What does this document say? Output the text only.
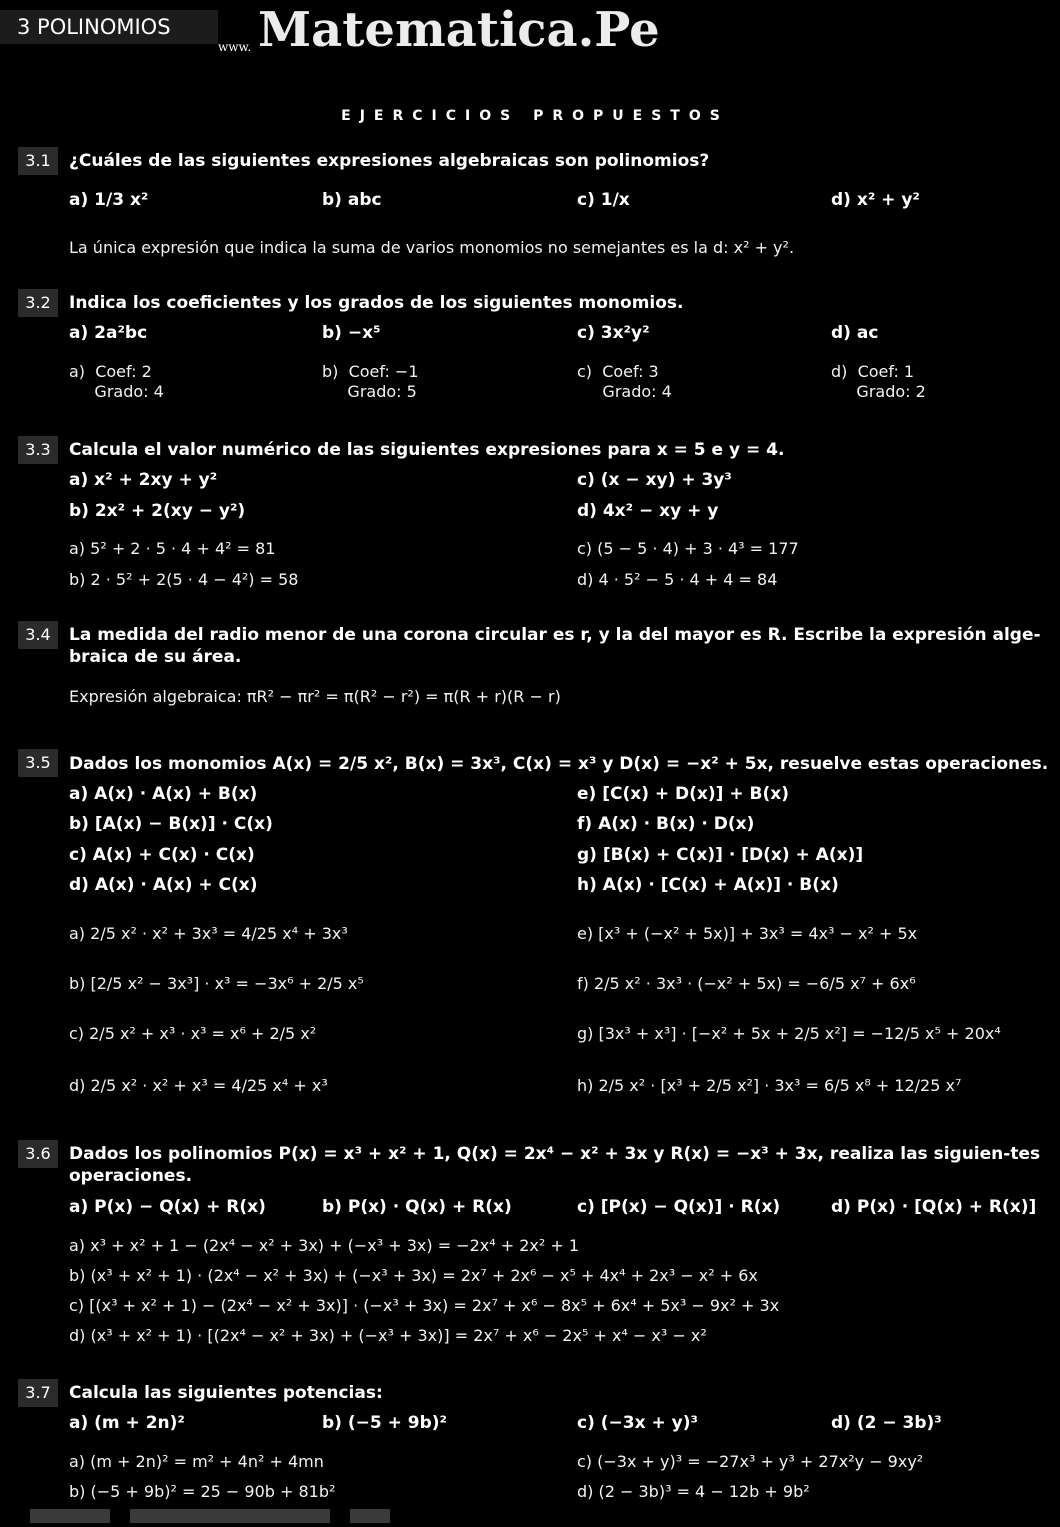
3 POLINOMIOS
www. Matematica.Pe
EJERCICIOS PROPUESTOS
3.1	¿Cuáles de las siguientes expresiones algebraicas son polinomios?
a) 1/3 x²	b) abc	c) 1/x	d) x² + y²
La única expresión que indica la suma de varios monomios no semejantes es la d: x² + y².
3.2	Indica los coeficientes y los grados de los siguientes monomios.
a) 2a²bc	b) −x⁵	c) 3x²y²	d) ac
a)  Coef: 2
Grado: 4
b)  Coef: −1
Grado: 5
c)  Coef: 3
Grado: 4
d)  Coef: 1
Grado: 2
3.3	Calcula el valor numérico de las siguientes expresiones para x = 5 e y = 4.
a) x² + 2xy + y²	c) (x − xy) + 3y³
b) 2x² + 2(xy − y²)	d) 4x² − xy + y
a) 5² + 2 · 5 · 4 + 4² = 81	c) (5 − 5 · 4) + 3 · 4³ = 177
b) 2 · 5² + 2(5 · 4 − 4²) = 58	d) 4 · 5² − 5 · 4 + 4 = 84
3.4	La medida del radio menor de una corona circular es r, y la del mayor es R. Escribe la expresión alge-braica de su área.
Expresión algebraica: πR² − πr² = π(R² − r²) = π(R + r)(R − r)
3.5	Dados los monomios A(x) = 2/5 x², B(x) = 3x³, C(x) = x³ y D(x) = −x² + 5x, resuelve estas operaciones.
a) A(x) · A(x) + B(x)	e) [C(x) + D(x)] + B(x)
b) [A(x) − B(x)] · C(x)	f) A(x) · B(x) · D(x)
c) A(x) + C(x) · C(x)	g) [B(x) + C(x)] · [D(x) + A(x)]
d) A(x) · A(x) + C(x)	h) A(x) · [C(x) + A(x)] · B(x)
a) 2/5 x² · x² + 3x³ = 4/25 x⁴ + 3x³	e) [x³ + (−x² + 5x)] + 3x³ = 4x³ − x² + 5x
b) [2/5 x² − 3x³] · x³ = −3x⁶ + 2/5 x⁵	f) 2/5 x² · 3x³ · (−x² + 5x) = −6/5 x⁷ + 6x⁶
c) 2/5 x² + x³ · x³ = x⁶ + 2/5 x²	g) [3x³ + x³] · [−x² + 5x + 2/5 x²] = −12/5 x⁵ + 20x⁴
d) 2/5 x² · x² + x³ = 4/25 x⁴ + x³	h) 2/5 x² · [x³ + 2/5 x²] · 3x³ = 6/5 x⁸ + 12/25 x⁷
3.6	Dados los polinomios P(x) = x³ + x² + 1, Q(x) = 2x⁴ − x² + 3x y R(x) = −x³ + 3x, realiza las siguien-tes operaciones.
a) P(x) − Q(x) + R(x)	b) P(x) · Q(x) + R(x)	c) [P(x) − Q(x)] · R(x)	d) P(x) · [Q(x) + R(x)]
a) x³ + x² + 1 − (2x⁴ − x² + 3x) + (−x³ + 3x) = −2x⁴ + 2x² + 1
b) (x³ + x² + 1) · (2x⁴ − x² + 3x) + (−x³ + 3x) = 2x⁷ + 2x⁶ − x⁵ + 4x⁴ + 2x³ − x² + 6x
c) [(x³ + x² + 1) − (2x⁴ − x² + 3x)] · (−x³ + 3x) = 2x⁷ + x⁶ − 8x⁵ + 6x⁴ + 5x³ − 9x² + 3x
d) (x³ + x² + 1) · [(2x⁴ − x² + 3x) + (−x³ + 3x)] = 2x⁷ + x⁶ − 2x⁵ + x⁴ − x³ − x²
3.7	Calcula las siguientes potencias:
a) (m + 2n)²	b) (−5 + 9b)²	c) (−3x + y)³	d) (2 − 3b)³
a) (m + 2n)² = m² + 4n² + 4mn	c) (−3x + y)³ = −27x³ + y³ + 27x²y − 9xy²
b) (−5 + 9b)² = 25 − 90b + 81b²	d) (2 − 3b)³ = 4 − 12b + 9b²
